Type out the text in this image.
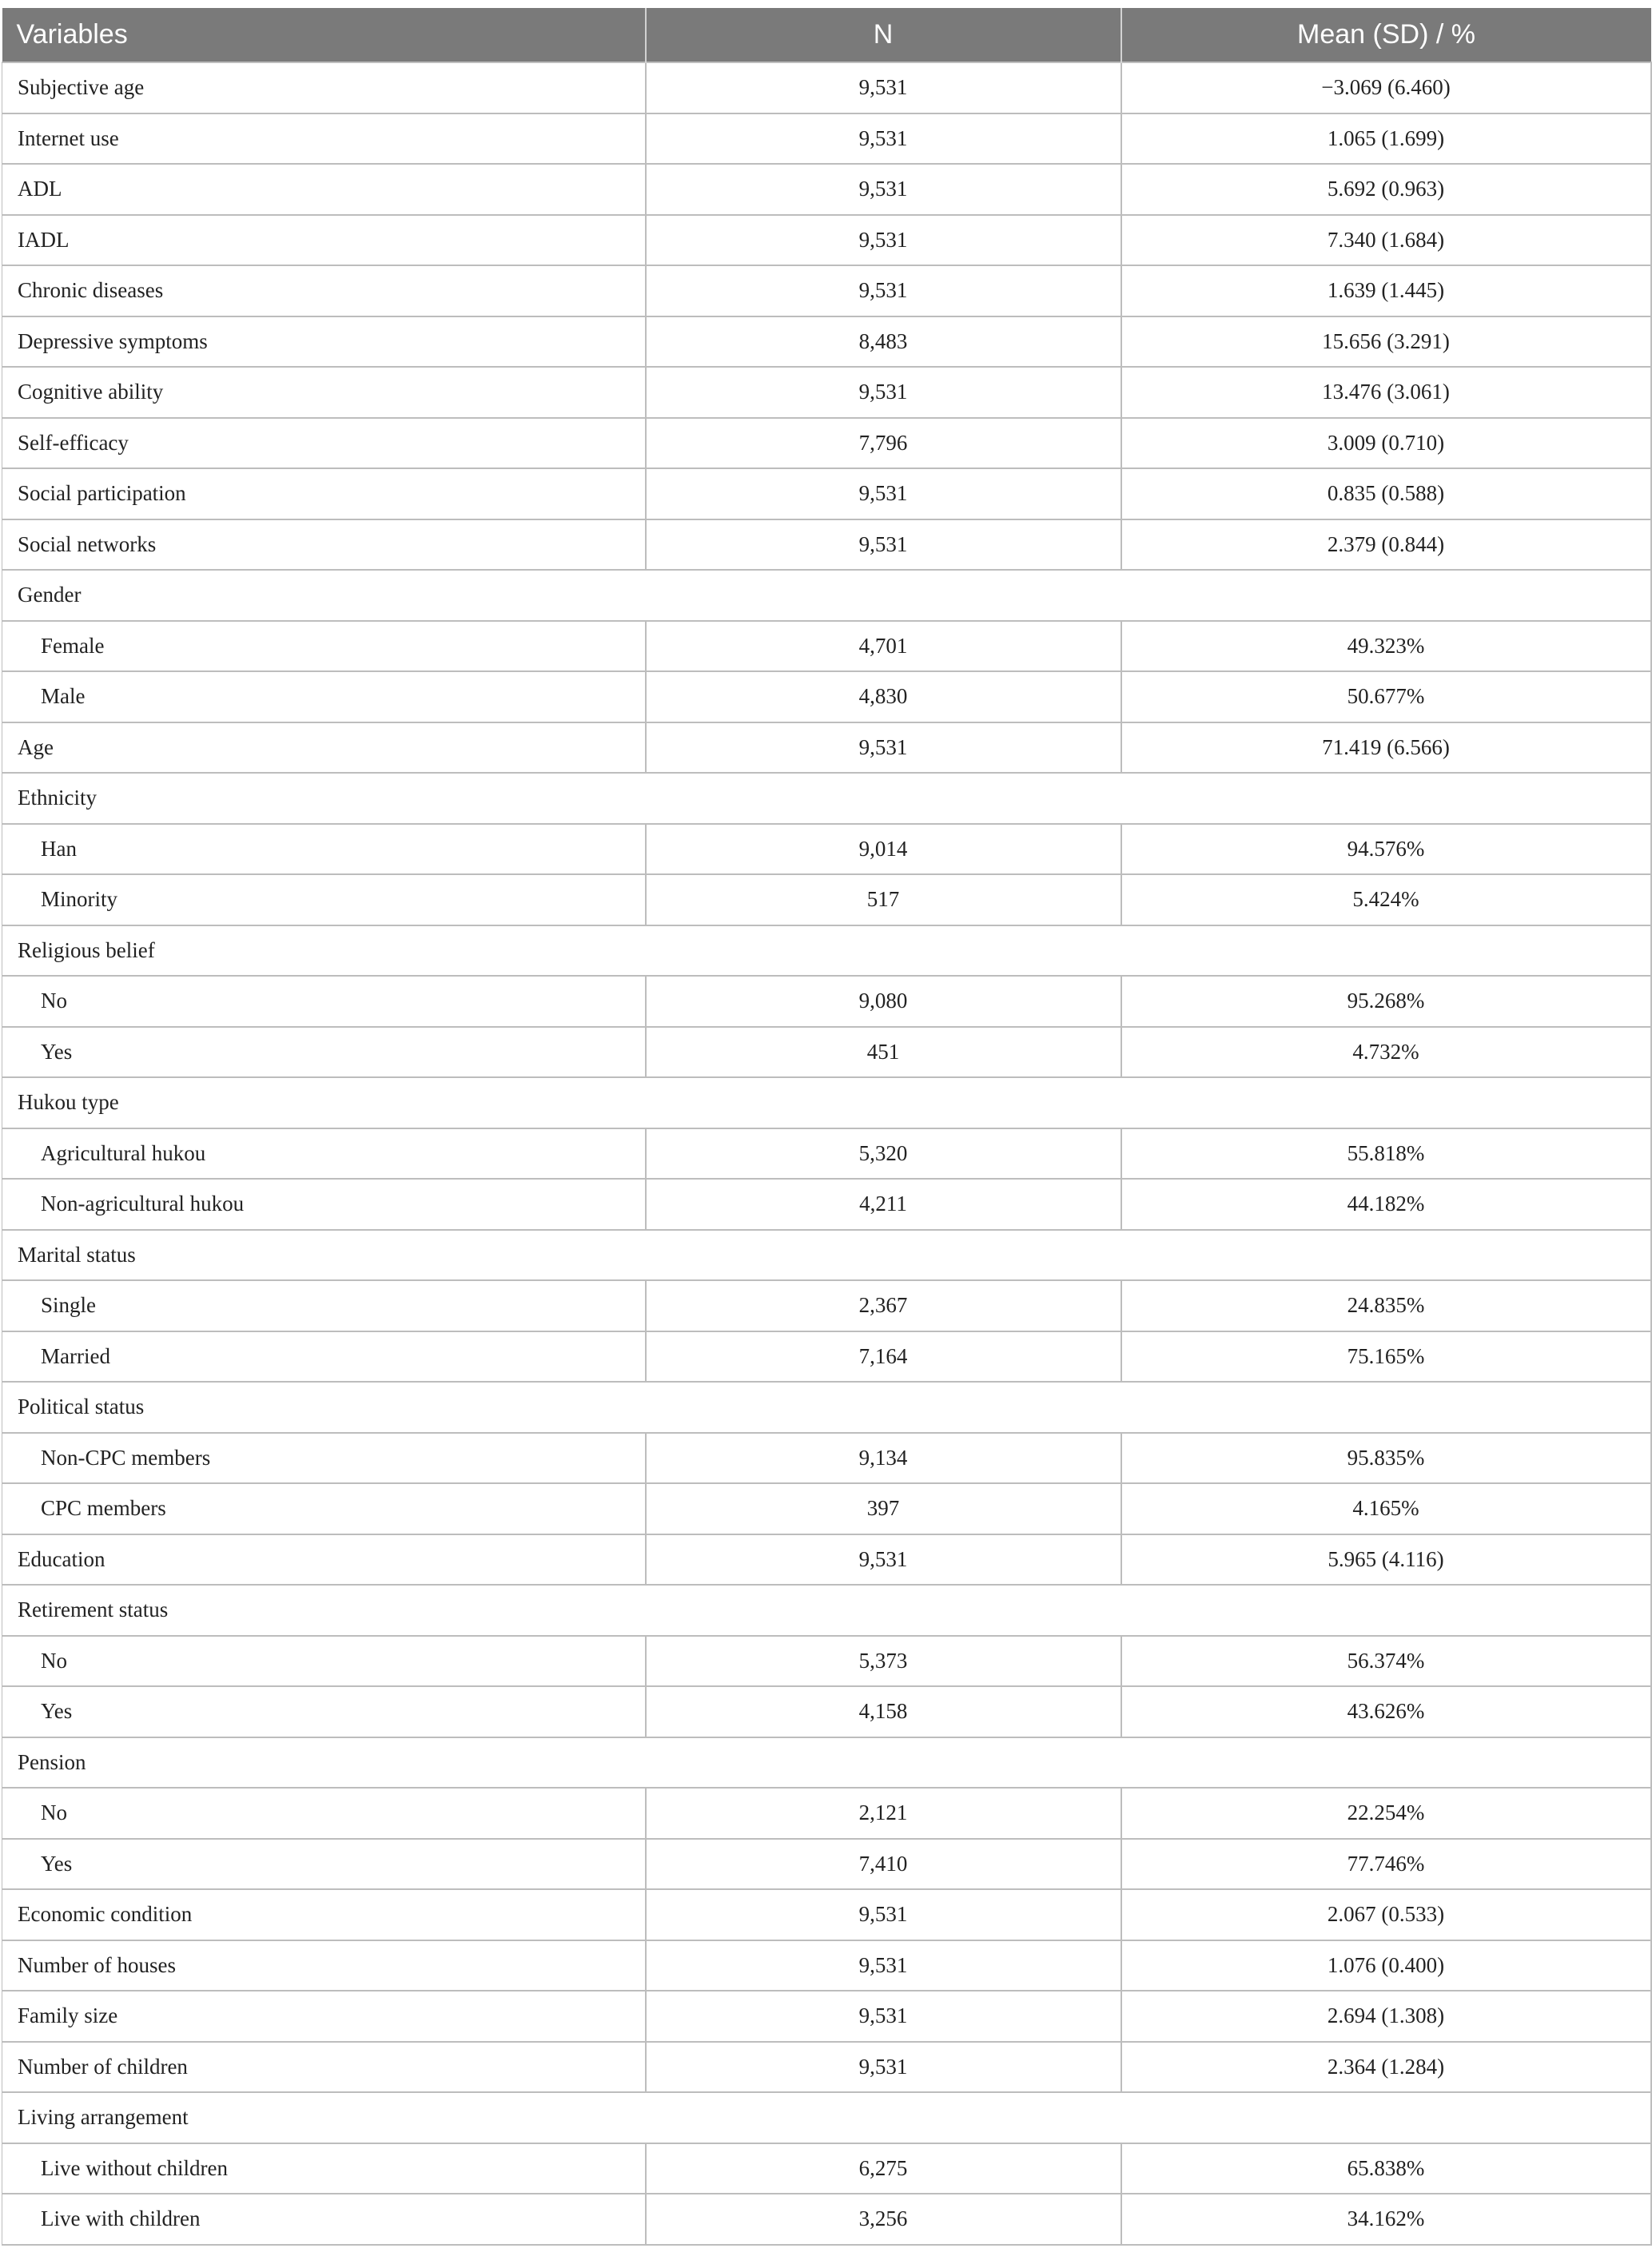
Variables	N	Mean (SD) / %
Subjective age	9,531	−3.069 (6.460)
Internet use	9,531	1.065 (1.699)
ADL	9,531	5.692 (0.963)
IADL	9,531	7.340 (1.684)
Chronic diseases	9,531	1.639 (1.445)
Depressive symptoms	8,483	15.656 (3.291)
Cognitive ability	9,531	13.476 (3.061)
Self-efficacy	7,796	3.009 (0.710)
Social participation	9,531	0.835 (0.588)
Social networks	9,531	2.379 (0.844)
Gender		
Female	4,701	49.323%
Male	4,830	50.677%
Age	9,531	71.419 (6.566)
Ethnicity		
Han	9,014	94.576%
Minority	517	5.424%
Religious belief		
No	9,080	95.268%
Yes	451	4.732%
Hukou type		
Agricultural hukou	5,320	55.818%
Non-agricultural hukou	4,211	44.182%
Marital status		
Single	2,367	24.835%
Married	7,164	75.165%
Political status		
Non-CPC members	9,134	95.835%
CPC members	397	4.165%
Education	9,531	5.965 (4.116)
Retirement status		
No	5,373	56.374%
Yes	4,158	43.626%
Pension		
No	2,121	22.254%
Yes	7,410	77.746%
Economic condition	9,531	2.067 (0.533)
Number of houses	9,531	1.076 (0.400)
Family size	9,531	2.694 (1.308)
Number of children	9,531	2.364 (1.284)
Living arrangement		
Live without children	6,275	65.838%
Live with children	3,256	34.162%
